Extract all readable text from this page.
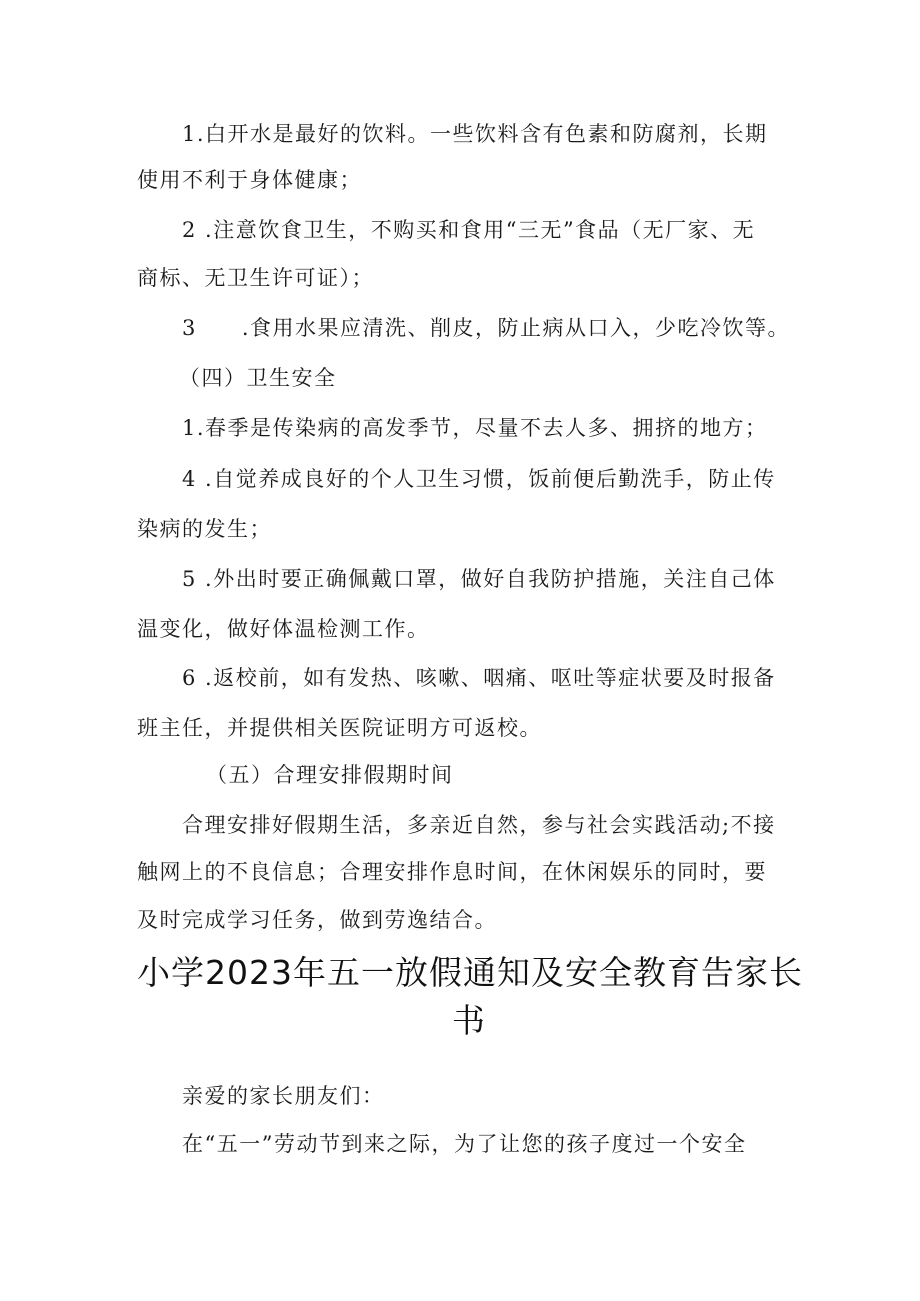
1.白开水是最好的饮料。一些饮料含有色素和防腐剂，长期
使用不利于身体健康；
2 .注意饮食卫生，不购买和食用“三无”食品（无厂家、无
商标、无卫生许可证）；
3　　.食用水果应清洗、削皮，防止病从口入，少吃冷饮等。
（四）卫生安全
1.春季是传染病的高发季节，尽量不去人多、拥挤的地方；
4 .自觉养成良好的个人卫生习惯，饭前便后勤洗手，防止传
染病的发生；
5 .外出时要正确佩戴口罩，做好自我防护措施，关注自己体
温变化，做好体温检测工作。
6 .返校前，如有发热、咳嗽、咽痛、呕吐等症状要及时报备
班主任，并提供相关医院证明方可返校。
（五）合理安排假期时间
合理安排好假期生活，多亲近自然，参与社会实践活动;不接
触网上的不良信息；合理安排作息时间，在休闲娱乐的同时，要
及时完成学习任务，做到劳逸结合。
小学2023年五一放假通知及安全教育告家长
书
亲爱的家长朋友们：
在“五一”劳动节到来之际，为了让您的孩子度过一个安全
